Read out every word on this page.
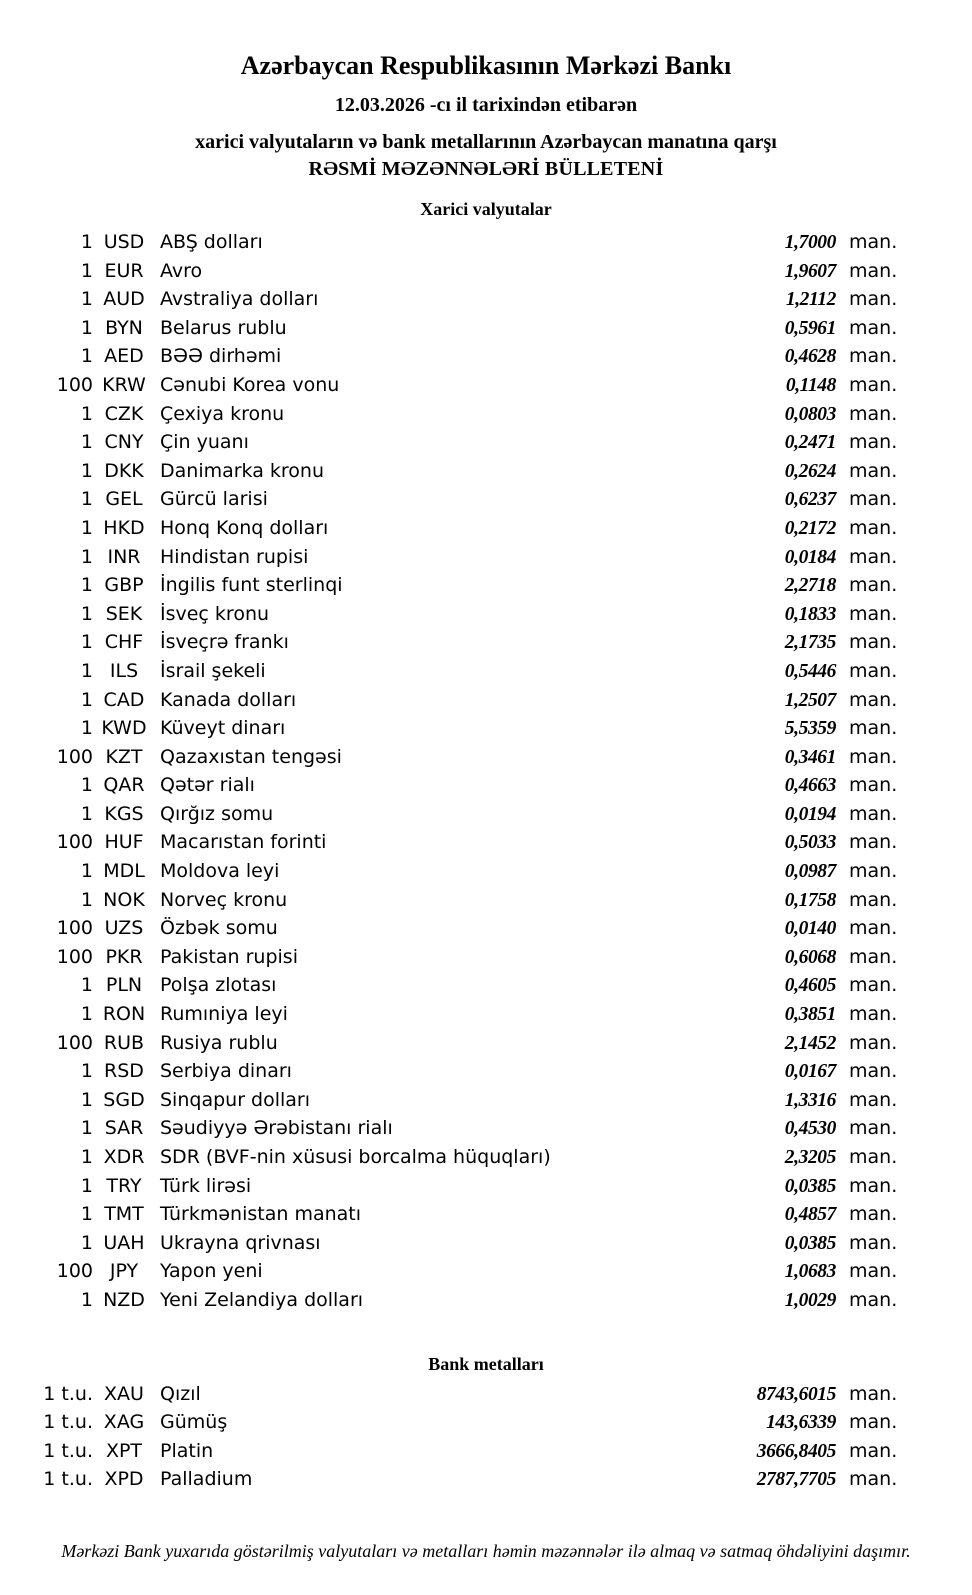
Azərbaycan Respublikasının Mərkəzi Bankı
12.03.2026 -cı il tarixindən etibarən
xarici valyutaların və bank metallarının Azərbaycan manatına qarşı
RƏSMİ MƏZƏNNƏLƏRİ BÜLLETENİ
Xarici valyutalar
1 USD ABŞ dolları	1,7000 man.
1 EUR Avro	1,9607 man.
1 AUD Avstraliya dolları	1,2112 man.
1 BYN Belarus rublu	0,5961 man.
1 AED BƏƏ dirhəmi	0,4628 man.
100 KRW Cənubi Korea vonu	0,1148 man.
1 CZK Çexiya kronu	0,0803 man.
1 CNY Çin yuanı	0,2471 man.
1 DKK Danimarka kronu	0,2624 man.
1 GEL Gürcü larisi	0,6237 man.
1 HKD Honq Konq dolları	0,2172 man.
1 INR	Hindistan rupisi	0,0184 man.
1 GBP İngilis funt sterlinqi	2,2718 man.
1 SEK İsveç kronu	0,1833 man.
1 CHF İsveçrə frankı	2,1735 man.
1 ILS	İsrail şekeli	0,5446 man.
1 CAD Kanada dolları	1,2507 man.
1 KWD Küveyt dinarı	5,5359 man.
100 KZT Qazaxıstan tengəsi	0,3461 man.
1 QAR Qətər rialı	0,4663 man.
1 KGS Qırğız somu	0,0194 man.
100 HUF Macarıstan forinti	0,5033 man.
1 MDL Moldova leyi	0,0987 man.
1 NOK Norveç kronu	0,1758 man.
100 UZS Özbək somu	0,0140 man.
100 PKR Pakistan rupisi	0,6068 man.
1 PLN Polşa zlotası	0,4605 man.
1 RON Rumıniya leyi	0,3851 man.
100 RUB Rusiya rublu	2,1452 man.
1 RSD Serbiya dinarı	0,0167 man.
1 SGD Sinqapur dolları	1,3316 man.
1 SAR Səudiyyə Ərəbistanı rialı	0,4530 man.
1 XDR SDR (BVF-nin xüsusi borcalma hüquqları)	2,3205 man.
1 TRY Türk lirəsi	0,0385 man.
1 TMT Türkmənistan manatı	0,4857 man.
1 UAH Ukrayna qrivnası	0,0385 man.
100 JPY	Yapon yeni	1,0683 man.
1 NZD Yeni Zelandiya dolları	1,0029 man.
Bank metalları
1 t.u. XAU Qızıl	8743,6015 man.
1 t.u. XAG Gümüş	143,6339 man.
1 t.u. XPT Platin	3666,8405 man.
1 t.u. XPD Palladium	2787,7705 man.
Mərkəzi Bank yuxarıda göstərilmiş valyutaları və metalları həmin məzənnələr ilə almaq və satmaq öhdəliyini daşımır.
